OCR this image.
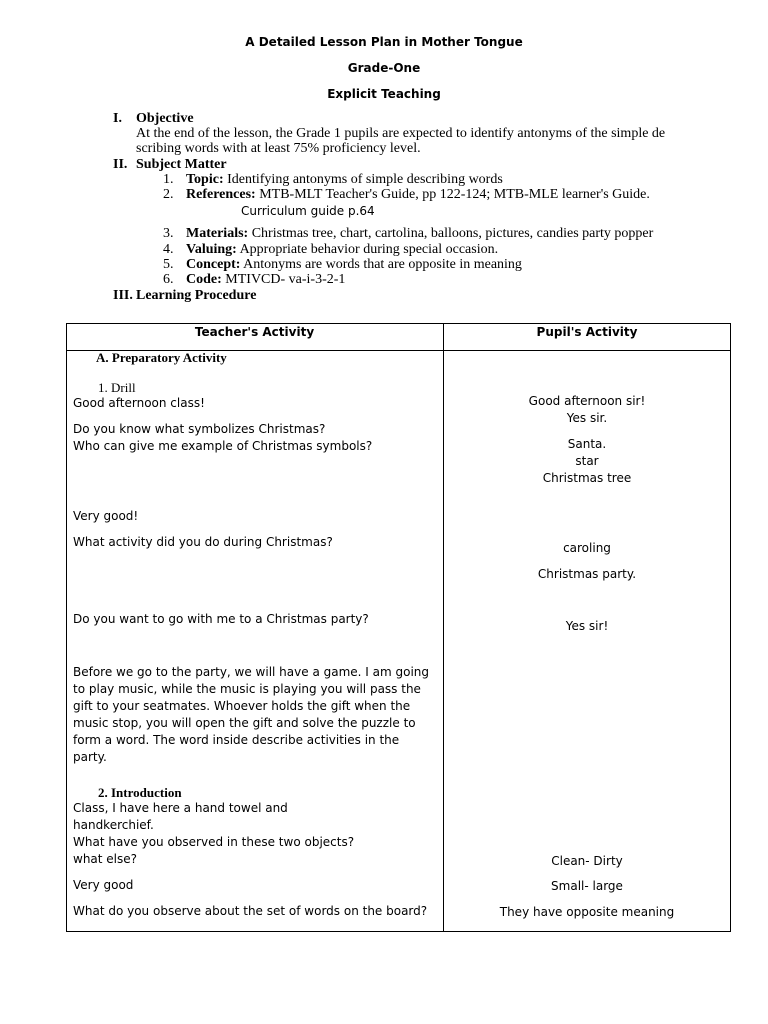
A Detailed Lesson Plan in Mother Tongue
Grade-One
Explicit Teaching
I. Objective
At the end of the lesson, the Grade 1 pupils are expected to identify antonyms of the simple de
scribing words with at least 75% proficiency level.
II. Subject Matter
1. Topic: Identifying antonyms of simple describing words
2. References: MTB-MLT Teacher's Guide, pp 122-124; MTB-MLE learner's Guide.
Curriculum guide p.64
3. Materials: Christmas tree, chart, cartolina, balloons, pictures, candies party popper
4. Valuing: Appropriate behavior during special occasion.
5. Concept: Antonyms are words that are opposite in meaning
6. Code: MTIVCD- va-i-3-2-1
III. Learning Procedure
Teacher's Activity	Pupil's Activity
A. Preparatory Activity
1. Drill
Good afternoon class!
Do you know what symbolizes Christmas?
Who can give me example of Christmas symbols?
Very good!
What activity did you do during Christmas?
Do you want to go with me to a Christmas party?
Before we go to the party, we will have a game. I am going to play music, while the music is playing you will pass the gift to your seatmates. Whoever holds the gift when the music stop, you will open the gift and solve the puzzle to form a word. The word inside describe activities in the party.
2. Introduction
Class, I have here a hand towel and
handkerchief.
What have you observed in these two objects?
what else?
Very good
What do you observe about the set of words on the board?
Good afternoon sir!
Yes sir.
Santa.
star
Christmas tree
caroling
Christmas party.
Yes sir!
Clean- Dirty
Small- large
They have opposite meaning
